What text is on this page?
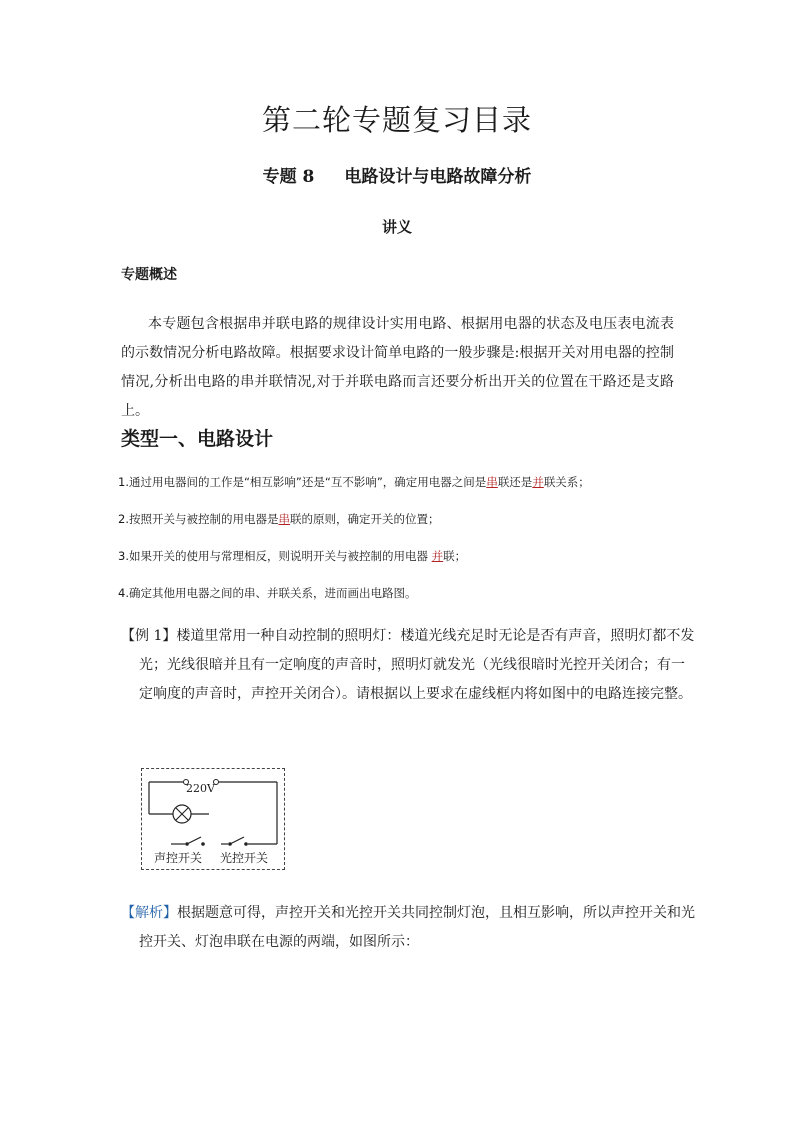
第二轮专题复习目录
专题 8 电路设计与电路故障分析
讲义
专题概述
本专题包含根据串并联电路的规律设计实用电路、根据用电器的状态及电压表电流表的示数情况分析电路故障。根据要求设计简单电路的一般步骤是:根据开关对用电器的控制情况,分析出电路的串并联情况,对于并联电路而言还要分析出开关的位置在干路还是支路上。
类型一、电路设计
1.通过用电器间的工作是“相互影响”还是“互不影响”，确定用电器之间是串联还是并联关系；
2.按照开关与被控制的用电器是串联的原则，确定开关的位置；
3.如果开关的使用与常理相反，则说明开关与被控制的用电器 并联；
4.确定其他用电器之间的串、并联关系，进而画出电路图。
【例 1】楼道里常用一种自动控制的照明灯：楼道光线充足时无论是否有声音，照明灯都不发光；光线很暗并且有一定响度的声音时，照明灯就发光（光线很暗时光控开关闭合；有一定响度的声音时，声控开关闭合）。请根据以上要求在虚线框内将如图中的电路连接完整。
220V
声控开关 光控开关
【解析】根据题意可得，声控开关和光控开关共同控制灯泡，且相互影响，所以声控开关和光控开关、灯泡串联在电源的两端，如图所示：
